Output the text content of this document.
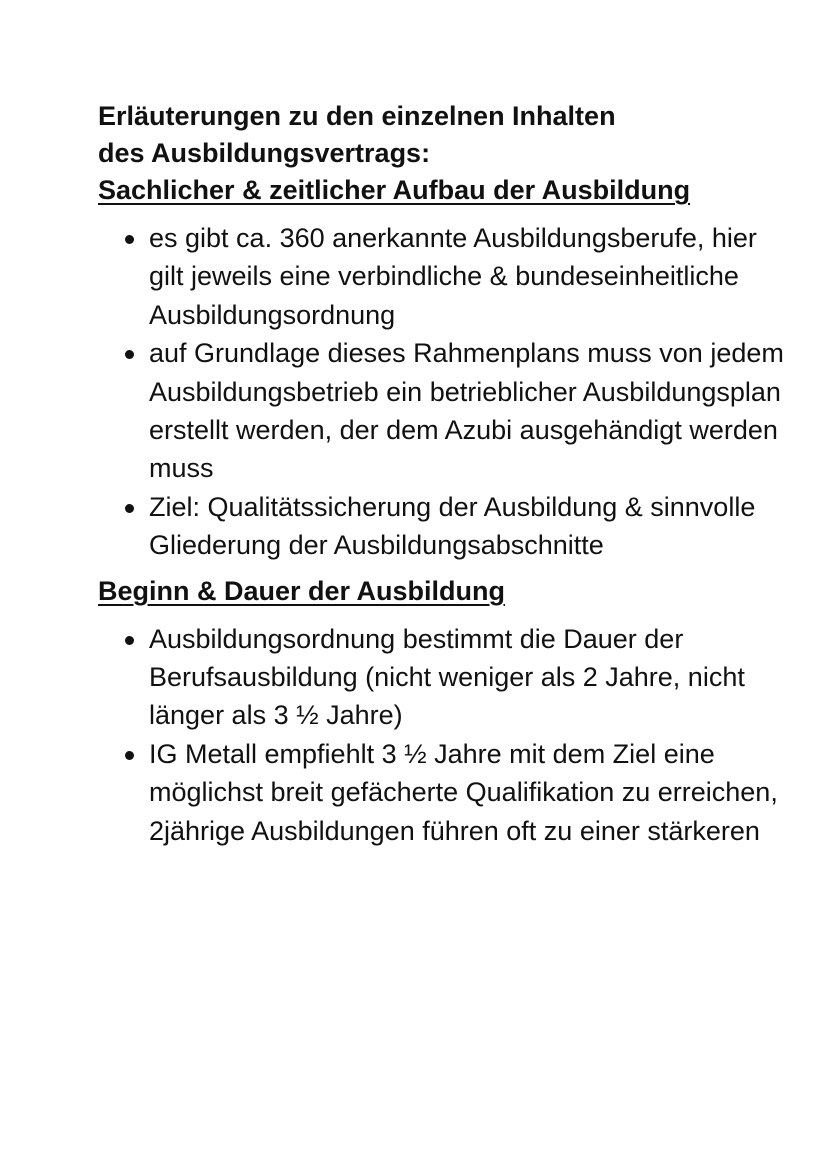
Erläuterungen zu den einzelnen Inhalten
des Ausbildungsvertrags:
Sachlicher & zeitlicher Aufbau der Ausbildung
es gibt ca. 360 anerkannte Ausbildungsberufe, hier gilt jeweils eine verbindliche & bundeseinheitliche Ausbildungsordnung
auf Grundlage dieses Rahmenplans muss von jedem Ausbildungsbetrieb ein betrieblicher Ausbildungsplan erstellt werden, der dem Azubi ausgehändigt werden muss
Ziel: Qualitätssicherung der Ausbildung & sinnvolle Gliederung der Ausbildungsabschnitte
Beginn & Dauer der Ausbildung
Ausbildungsordnung bestimmt die Dauer der Berufsausbildung (nicht weniger als 2 Jahre, nicht länger als 3 ½ Jahre)
IG Metall empfiehlt 3 ½ Jahre mit dem Ziel eine möglichst breit gefächerte Qualifikation zu erreichen, 2jährige Ausbildungen führen oft zu einer stärkeren
